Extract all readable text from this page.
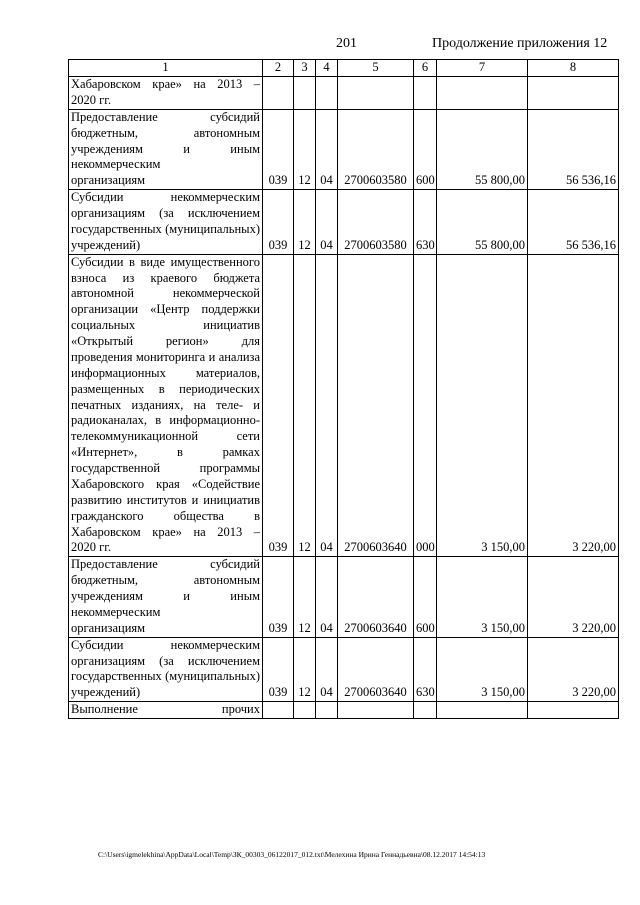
201	Продолжение приложения 12
1	2	3	4	5	6	7	8
Хабаровском крае» на 2013 –
2020 гг.							

Предоставление субсидий бюджетным, автономным учреждениям и иным некоммерческим
организациям	039	12	04	2700603580	600	55 800,00	56 536,16
Субсидии некоммерческим организациям (за исключением государственных (муниципальных)
учреждений)	039	12	04	2700603580	630	55 800,00	56 536,16
Субсидии в виде имущественного взноса из краевого бюджета автономной некоммерческой организации «Центр поддержки социальных инициатив «Открытый регион» для проведения мониторинга и анализа информационных материалов, размещенных в периодических печатных изданиях, на теле- и радиоканалах, в информационно-телекоммуникационной сети «Интернет», в рамках государственной программы Хабаровского края «Содействие развитию институтов и инициатив гражданского общества в Хабаровском крае» на 2013 –
2020 гг.	039	12	04	2700603640	000	3 150,00	3 220,00
Предоставление субсидий бюджетным, автономным учреждениям и иным некоммерческим
организациям	039	12	04	2700603640	600	3 150,00	3 220,00
Субсидии некоммерческим организациям (за исключением государственных (муниципальных)
учреждений)	039	12	04	2700603640	630	3 150,00	3 220,00
Выполнение прочих

C:\Users\igmelekhina\AppData\Local\Temp\ЗК_00303_06122017_012.txt\Мелехина Ирина Геннадьевна\08.12.2017 14:54:13
